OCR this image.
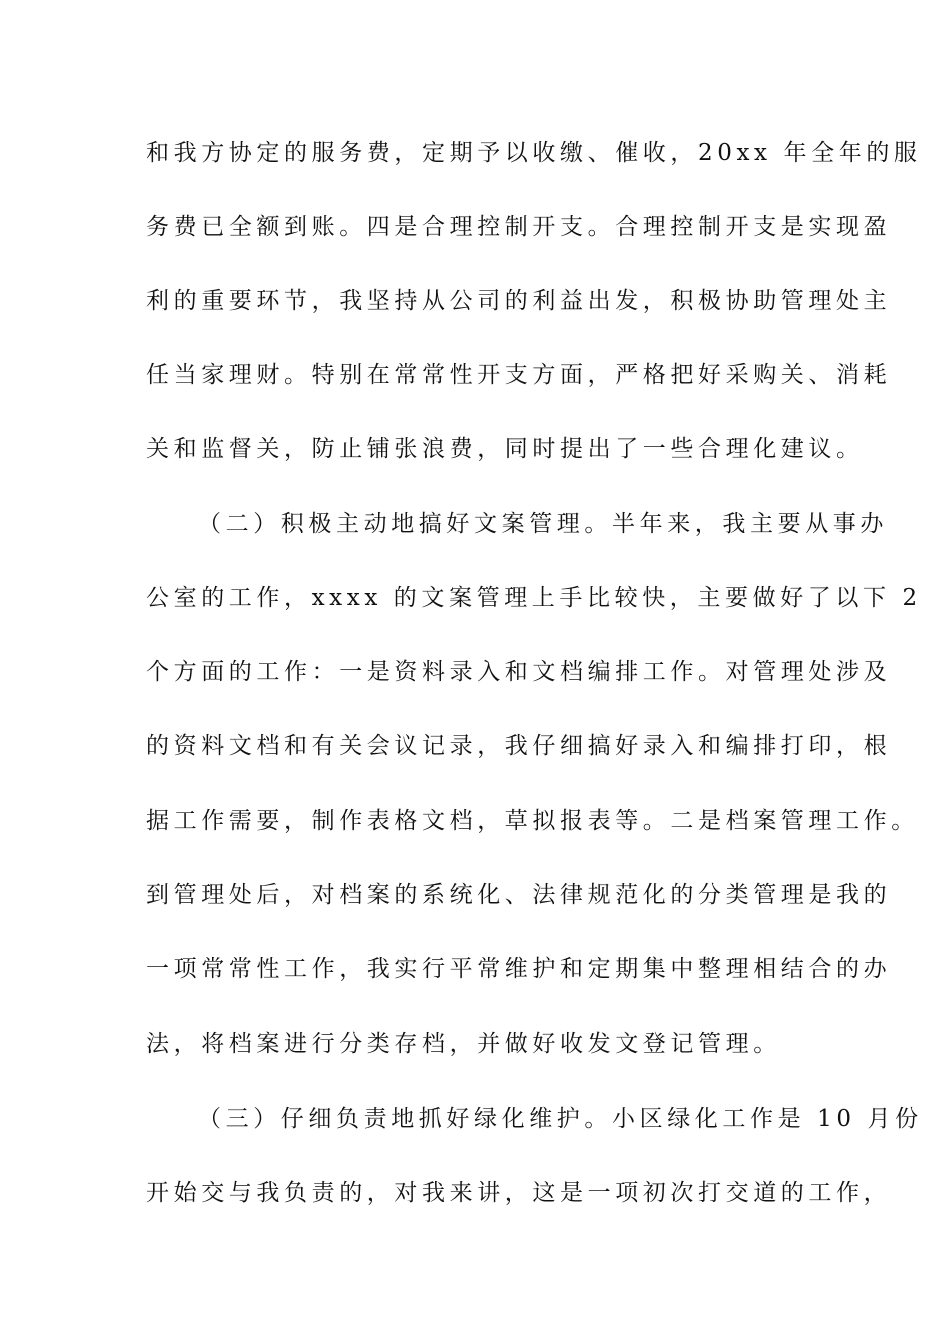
和我方协定的服务费，定期予以收缴、催收，20xx 年全年的服
务费已全额到账。四是合理控制开支。合理控制开支是实现盈
利的重要环节，我坚持从公司的利益出发，积极协助管理处主
任当家理财。特别在常常性开支方面，严格把好采购关、消耗
关和监督关，防止铺张浪费，同时提出了一些合理化建议。
（二）积极主动地搞好文案管理。半年来，我主要从事办
公室的工作，xxxx 的文案管理上手比较快，主要做好了以下 2
个方面的工作：一是资料录入和文档编排工作。对管理处涉及
的资料文档和有关会议记录，我仔细搞好录入和编排打印，根
据工作需要，制作表格文档，草拟报表等。二是档案管理工作。
到管理处后，对档案的系统化、法律规范化的分类管理是我的
一项常常性工作，我实行平常维护和定期集中整理相结合的办
法，将档案进行分类存档，并做好收发文登记管理。
（三）仔细负责地抓好绿化维护。小区绿化工作是 10 月份
开始交与我负责的，对我来讲，这是一项初次打交道的工作，
